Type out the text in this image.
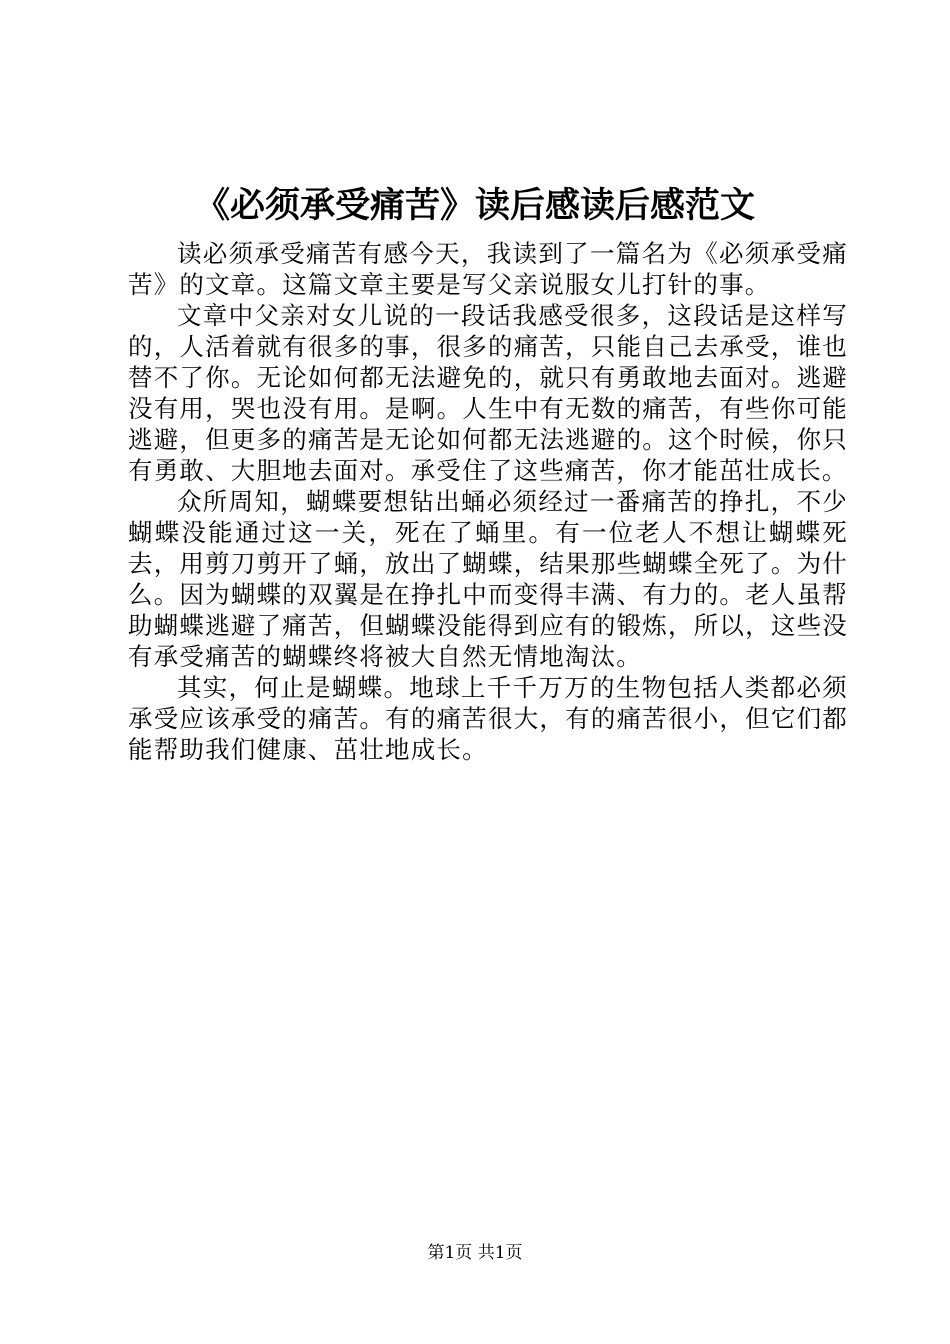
《必须承受痛苦》读后感读后感范文

读必须承受痛苦有感今天，我读到了一篇名为《必须承受痛苦》的文章。这篇文章主要是写父亲说服女儿打针的事。

文章中父亲对女儿说的一段话我感受很多，这段话是这样写的，人活着就有很多的事，很多的痛苦，只能自己去承受，谁也替不了你。无论如何都无法避免的，就只有勇敢地去面对。逃避没有用，哭也没有用。是啊。人生中有无数的痛苦，有些你可能逃避，但更多的痛苦是无论如何都无法逃避的。这个时候，你只有勇敢、大胆地去面对。承受住了这些痛苦，你才能茁壮成长。

众所周知，蝴蝶要想钻出蛹必须经过一番痛苦的挣扎，不少蝴蝶没能通过这一关，死在了蛹里。有一位老人不想让蝴蝶死去，用剪刀剪开了蛹，放出了蝴蝶，结果那些蝴蝶全死了。为什么。因为蝴蝶的双翼是在挣扎中而变得丰满、有力的。老人虽帮助蝴蝶逃避了痛苦，但蝴蝶没能得到应有的锻炼，所以，这些没有承受痛苦的蝴蝶终将被大自然无情地淘汰。

其实，何止是蝴蝶。地球上千千万万的生物包括人类都必须承受应该承受的痛苦。有的痛苦很大，有的痛苦很小，但它们都能帮助我们健康、茁壮地成长。

第1页 共1页
